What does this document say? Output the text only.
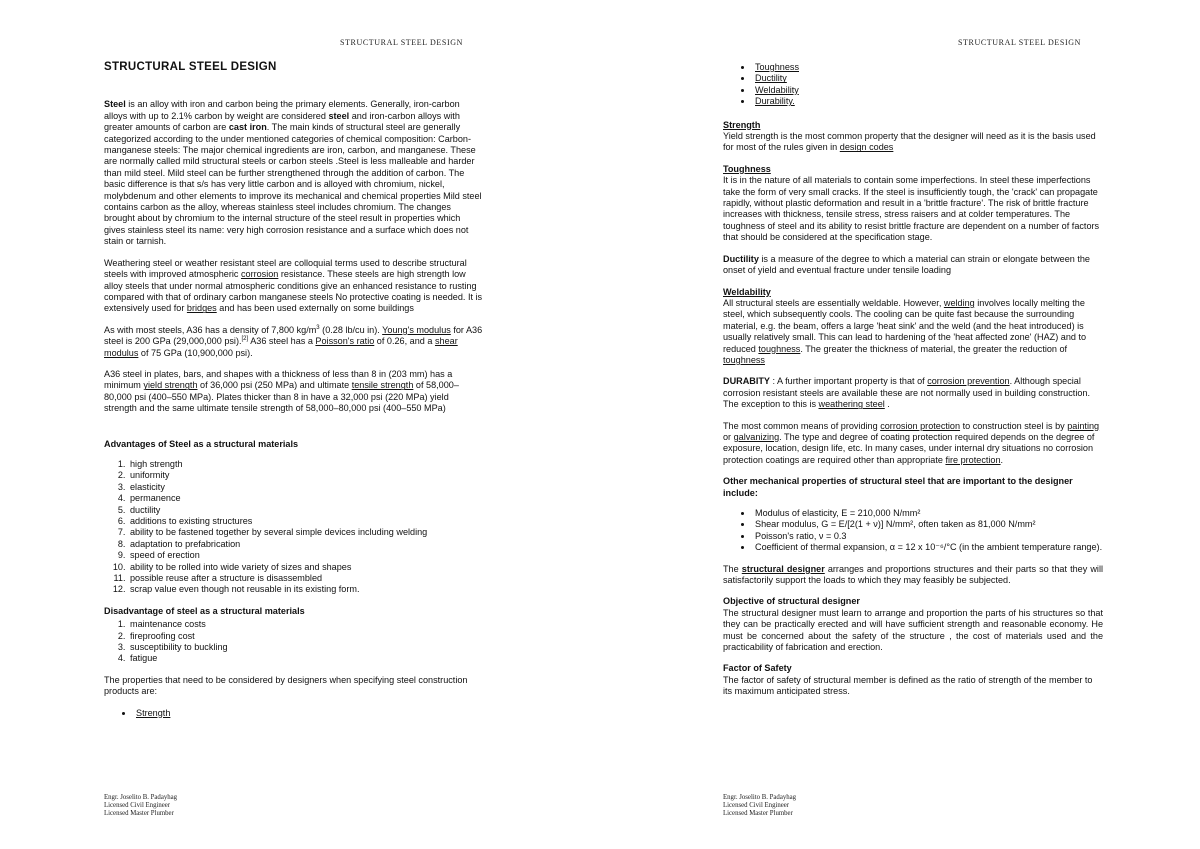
STRUCTURAL STEEL DESIGN
STRUCTURAL STEEL DESIGN

Steel is an alloy with iron and carbon being the primary elements. Generally, iron-carbon alloys with up to 2.1% carbon by weight are considered steel and iron-carbon alloys with greater amounts of carbon are cast iron. The main kinds of structural steel are generally categorized according to the under mentioned categories of chemical composition: Carbon-manganese steels: The major chemical ingredients are iron, carbon, and manganese. These are normally called mild structural steels or carbon steels .Steel is less malleable and harder than mild steel. Mild steel can be further strengthened through the addition of carbon. The basic difference is that s/s has very little carbon and is alloyed with chromium, nickel, molybdenum and other elements to improve its mechanical and chemical properties Mild steel contains carbon as the alloy, whereas stainless steel includes chromium. The changes brought about by chromium to the internal structure of the steel result in properties which gives stainless steel its name: very high corrosion resistance and a surface which does not stain or tarnish.

Weathering steel or weather resistant steel are colloquial terms used to describe structural steels with improved atmospheric corrosion resistance. These steels are high strength low alloy steels that under normal atmospheric conditions give an enhanced resistance to rusting compared with that of ordinary carbon manganese steels No protective coating is needed. It is extensively used for bridges and has been used externally on some buildings

As with most steels, A36 has a density of 7,800 $kg/m^3$ (0.28 lb/cu in). Young's modulus for A36 steel is 200 GPa (29,000,000 psi).[2] A36 steel has a Poisson's ratio of 0.26, and a shear modulus of 75 GPa (10,900,000 psi).

A36 steel in plates, bars, and shapes with a thickness of less than 8 in (203 mm) has a minimum yield strength of 36,000 psi (250 MPa) and ultimate tensile strength of 58,000–80,000 psi (400–550 MPa). Plates thicker than 8 in have a 32,000 psi (220 MPa) yield strength and the same ultimate tensile strength of 58,000–80,000 psi (400–550 MPa)

Advantages of Steel as a structural materials
1. high strength
2. uniformity
3. elasticity
4. permanence
5. ductility
6. additions to existing structures
7. ability to be fastened together by several simple devices including welding
8. adaptation to prefabrication
9. speed of erection
10. ability to be rolled into wide variety of sizes and shapes
11. possible reuse after a structure is disassembled
12. scrap value even though not reusable in its existing form.
Disadvantage of steel as a structural materials
1. maintenance costs
2. fireproofing cost
3. susceptibility to buckling
4. fatigue

The properties that need to be considered by designers when specifying steel construction products are:

• Strength
Engr. Joselito B. Padayhag
Licensed Civil Engineer
Licensed Master Plumber
STRUCTURAL STEEL DESIGN
• Toughness
• Ductility
• Weldability
• Durability.

Strength
Yield strength is the most common property that the designer will need as it is the basis used for most of the rules given in design codes

Toughness
It is in the nature of all materials to contain some imperfections. In steel these imperfections take the form of very small cracks. If the steel is insufficiently tough, the 'crack' can propagate rapidly, without plastic deformation and result in a 'brittle fracture'. The risk of brittle fracture increases with thickness, tensile stress, stress raisers and at colder temperatures. The toughness of steel and its ability to resist brittle fracture are dependent on a number of factors that should be considered at the specification stage.

Ductility is a measure of the degree to which a material can strain or elongate between the onset of yield and eventual fracture under tensile loading

Weldability
All structural steels are essentially weldable. However, welding involves locally melting the steel, which subsequently cools. The cooling can be quite fast because the surrounding material, e.g. the beam, offers a large 'heat sink' and the weld (and the heat introduced) is usually relatively small. This can lead to hardening of the 'heat affected zone' (HAZ) and to reduced toughness. The greater the thickness of material, the greater the reduction of toughness

DURABITY : A further important property is that of corrosion prevention. Although special corrosion resistant steels are available these are not normally used in building construction. The exception to this is weathering steel .

The most common means of providing corrosion protection to construction steel is by painting or galvanizing. The type and degree of coating protection required depends on the degree of exposure, location, design life, etc. In many cases, under internal dry situations no corrosion protection coatings are required other than appropriate fire protection.

Other mechanical properties of structural steel that are important to the designer include:
• Modulus of elasticity, E = 210,000 N/mm²
• Shear modulus, G = E/[2(1 + ν)] N/mm², often taken as 81,000 N/mm²
• Poisson's ratio, ν = 0.3
• Coefficient of thermal expansion, α = 12 x 10⁻⁶/°C (in the ambient temperature range).

The structural designer arranges and proportions structures and their parts so that they will satisfactorily support the loads to which they may feasibly be subjected.

Objective of structural designer
The structural designer must learn to arrange and proportion the parts of his structures so that they can be practically erected and will have sufficient strength and reasonable economy. He must be concerned about the safety of the structure , the cost of materials used and the practicability of fabrication and erection.

Factor of Safety
The factor of safety of structural member is defined as the ratio of strength of the member to its maximum anticipated stress.

Engr. Joselito B. Padayhag
Licensed Civil Engineer
Licensed Master Plumber
